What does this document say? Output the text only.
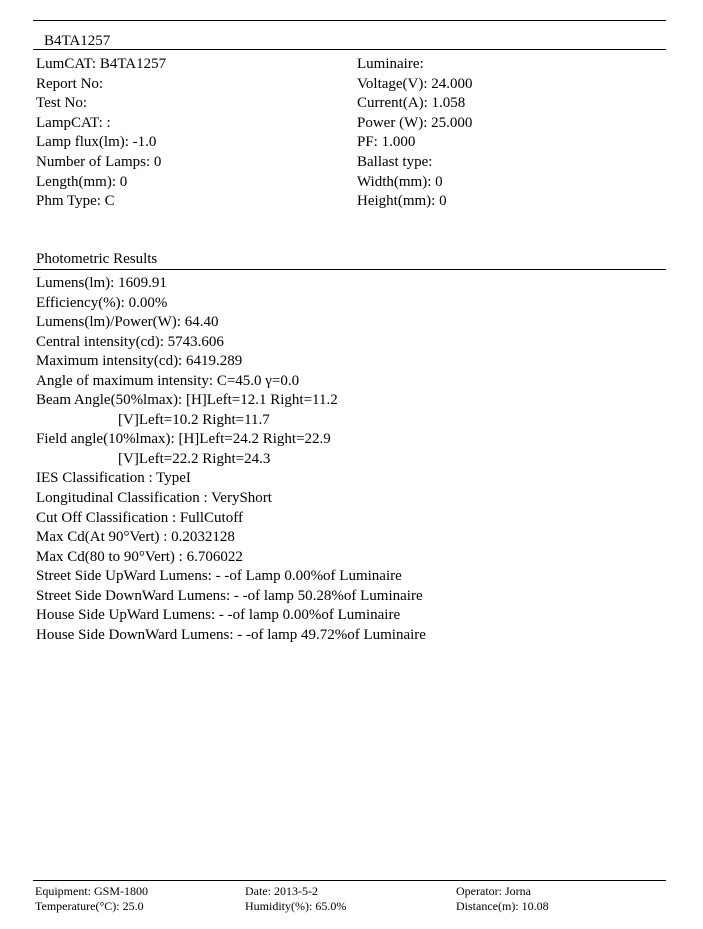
B4TA1257
LumCAT: B4TA1257
Report No:
Test No:
LampCAT: :
Lamp flux(lm): -1.0
Number of Lamps: 0
Length(mm): 0
Phm Type: C
Luminaire:
Voltage(V): 24.000
Current(A): 1.058
Power (W): 25.000
PF: 1.000
Ballast type:
Width(mm): 0
Height(mm): 0
Photometric Results
Lumens(lm): 1609.91
Efficiency(%): 0.00%
Lumens(lm)/Power(W): 64.40
Central intensity(cd): 5743.606
Maximum intensity(cd): 6419.289
Angle of maximum intensity: C=45.0 γ=0.0
Beam Angle(50%lmax): [H]Left=12.1 Right=11.2
[V]Left=10.2 Right=11.7
Field angle(10%lmax): [H]Left=24.2 Right=22.9
[V]Left=22.2 Right=24.3
IES Classification : TypeI
Longitudinal Classification : VeryShort
Cut Off Classification : FullCutoff
Max Cd(At 90°Vert) : 0.2032128
Max Cd(80 to 90°Vert) : 6.706022
Street Side UpWard Lumens: - -of Lamp 0.00%of Luminaire
Street Side DownWard Lumens: - -of lamp 50.28%of Luminaire
House Side UpWard Lumens: - -of lamp 0.00%of Luminaire
House Side DownWard Lumens: - -of lamp 49.72%of Luminaire
Equipment: GSM-1800
Temperature(°C): 25.0
Date: 2013-5-2
Humidity(%): 65.0%
Operator: Jorna
Distance(m): 10.08
